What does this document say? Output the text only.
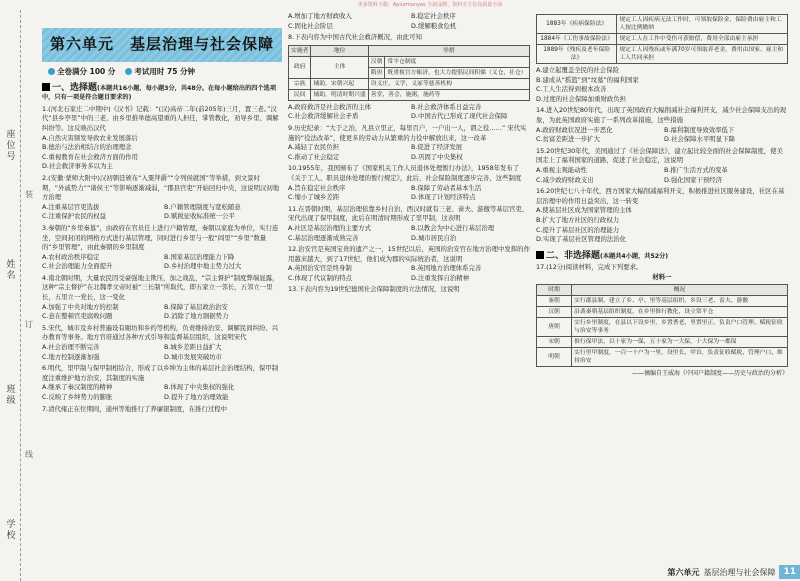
更多资料下载：Apiurmanyes 全新品牌，资料全方位高质量全面
座位号
姓名
班级
学校
装
订
线
第六单元　基层治理与社会保障
全卷满分 100 分	考试用时 75 分钟
一、选择题(本题共16小题，每小题3分，共48分。在每小题给出的四个选项中，只有一项是符合题目要求的)

1.(河北石家庄二中期中)《汉书》记载：“(汉)高帝二年(前205年)三月，置三老。”汉代“县乡亭里”中的三老，由乡里推举德高望重的人担任，掌管教化，劝导乡里、调解纠纷等。这反映出汉代

A.自然灾害频发导致农业发展落后
B.德治与法治相结合的治理理念
C.重视教育在社会救济方面的作用
D.社会救济事务多以为主

2.(安徽·蒙师大附中)汉初朝廷颁布“入粟拜爵”“令列侯就国”等举措，到文景时期，“外戚势力”“诸侯王”等影响逐渐减弱，“郡县官吏”开始回归中央，这说明汉初地方治理

A.注重基层官吏选拔	B.户籍管理制度与宽松随意
C.注重保护农民的权益	D.赋税征收标准统一公平

3.秦朝的“乡里秦墓”，由政府在官员任上进行户籍管理，秦朝以家庭为单位，实行连坐，空间封闭的网格方式进行基层管理，同时进行乡里与一般“闾里”“乡里”数量的“乡里管理”，由此秦朝的乡里制度

A.农村政治秩序稳定	B.国家基层治理能力下降
C.社会治理能力全面提升	D.乡村治理中地主势力过大

4.南北朝时期，大量农民因受豪强地主欺压，加之战乱，“宗主督护”制度弊端显露，这种“宗主督护”在北魏孝文帝时被“三长制”所取代，即五家立一邻长，五邻立一里长，五里立一党长，这一变化

A.加强了中央对地方的控制	B.保障了基层政治治安
C.意在整顿官吏腐败问题	D.消除了地方割据势力

5.宋代，城市及乡村普遍设有厢坊和乡约等机构，负责维持治安、调解民间纠纷、兴办教育等事务。地方官府通过各种方式引导和监督基层组织，这说明宋代

A.社会治理不断完善	B.城乡差距日益扩大
C.地方控制逐渐加强	D.城市发展突破坊市

6.明代，里甲制与保甲制相结合，形成了以乡绅为主体的基层社会治理结构，保甲制度注重维护地方治安，其制度的实施

A.继承了秦汉制度的精神	B.体现了中央集权的强化
C.反映了乡绅势力的膨胀	D.提升了地方治理效能

7.清代雍正在位期间，通州等地推行了养廉银制度，在推行过程中

A.增加了地方财政收入	B.稳定社会秩序
C.固化社会阶层	D.缓解粮食危机

8.下表内容为中国古代社会救济概况，由此可知

实施者	地位	举措	
政府	主体	汉朝	常平仓制度
		隋唐	既重视官方赈济，也大力提倡民间积储（义仓，社仓）
宗族	辅助，宋朝兴起	设义庄，义学，义冢等慈善机构	
民间	辅助，明清时期兴盛	善堂，善会，施粥，施药等	
A.政府救济是社会救济的主体	B.社会救济体系日益完善
C.社会救济缓解社会矛盾	D.中国古代已形成了现代社会保障

9.历史纪录：“大于之治，凡县立里正，每里百户，一户出一人，谓之役……” 宋代实施的“役法改革”，使更多的劳动力从繁重的力役中解放出来，这一改革

A.减轻了农民负担	B.促进了经济发展
C.推动了社会稳定	D.巩固了中央集权

10.1955年，我国颁布了《国家机关工作人员退休处理暂行办法》，1958年发布了《关于工人、职员退休处理的暂行规定》，此后，社会保险制度逐步完善，这些制度

A.旨在稳定社会秩序	B.保障了劳动者基本生活
C.缩小了城乡差距	D.体现了计划经济特点

11.在晋朝时期，基层治理依靠乡村自治，西汉时就有三老、啬夫、游徼等基层官吏，宋代出现了保甲制度，此后在明清时期形成了里甲制，这表明

A.社区是基层治理的主要方式	B.以教会为中心进行基层治理
C.基层治理逐渐成熟完善	D.城市居民自治

12.治安官是英国宝贵的遗产之一，15世纪以后，英国的治安官在地方治理中发挥的作用越来越大，到了17世纪，他们成为郡的实际统治者，这说明

A.英国治安官是终身制	B.英国地方治理体系完善
C.体现了代议制的特点	D.注重发挥自治精神

13.下表内容为19世纪德国社会保障制度的立法情况，这说明

1883年《疾病保险法》	规定工人因疾病无法工作时，可领取保险金，保险费由雇主和工人按比例缴纳
1884年《工伤事故保险法》	规定工人在工作中受伤可获赔偿，费用全部由雇主承担
1889年《残疾及老年保险法》	规定工人因残疾或年满70岁可领取养老金，费用由国家、雇主和工人共同承担
A.建立起覆盖全民的社会保险
B.建成从“摇篮”到“坟墓”的福利国家
C.工人生活得到根本改善
D.过度的社会保障加重财政负担

14.进入20世纪80年代，出现了英国政府大幅削减社会福利开支，减少社会保障支出的现象，为此英国政府实施了一系列改革措施，这些措施

A.政府财政状况进一步恶化	B.福利制度导致效率低下
C.贫富差距进一步扩大	D.社会保障水平明显下降

15.20世纪30年代，美国通过了《社会保障法》，建立起比较全面的社会保障制度，使美国走上了福利国家的道路，促进了社会稳定，这说明

A.重视主观能动性	B.推广生活方式的变革
C.减少政府财政支出	D.强化国家干预经济

16.20世纪七八十年代，西方国家大幅削减福利开支，积极推进社区服务建设，社区在基层治理中的作用日益突出，这一转变

A.使基层社区成为国家管理的主体
B.扩大了地方社区的行政权力
C.提升了基层社区的治理能力
D.实现了基层社区管理的法治化
二、非选择题(本题共4小题，共52分)

17.(12分)阅读材料，完成下列要求。

材料一

时期	概况
秦朝	实行郡县制，建立了乡、亭、里等基层组织，乡设三老、啬夫、游徼
汉朝	沿袭秦朝基层组织制度，在乡里推行教化，设立常平仓
唐朝	实行乡里制度，在县以下设乡里，乡置耆老，里置里正，负责户口管理、赋税征收与治安等事务
宋朝	推行保甲法，以十家为一保，五十家为一大保，十大保为一都保
明朝	实行里甲制度，一百一十户为一里，设里长、甲首，负责征收赋税、管理户口、维持治安

——摘编自王威海《中国户籍制度——历史与政治的分析》

第六单元 基层治理与社会保障 11
